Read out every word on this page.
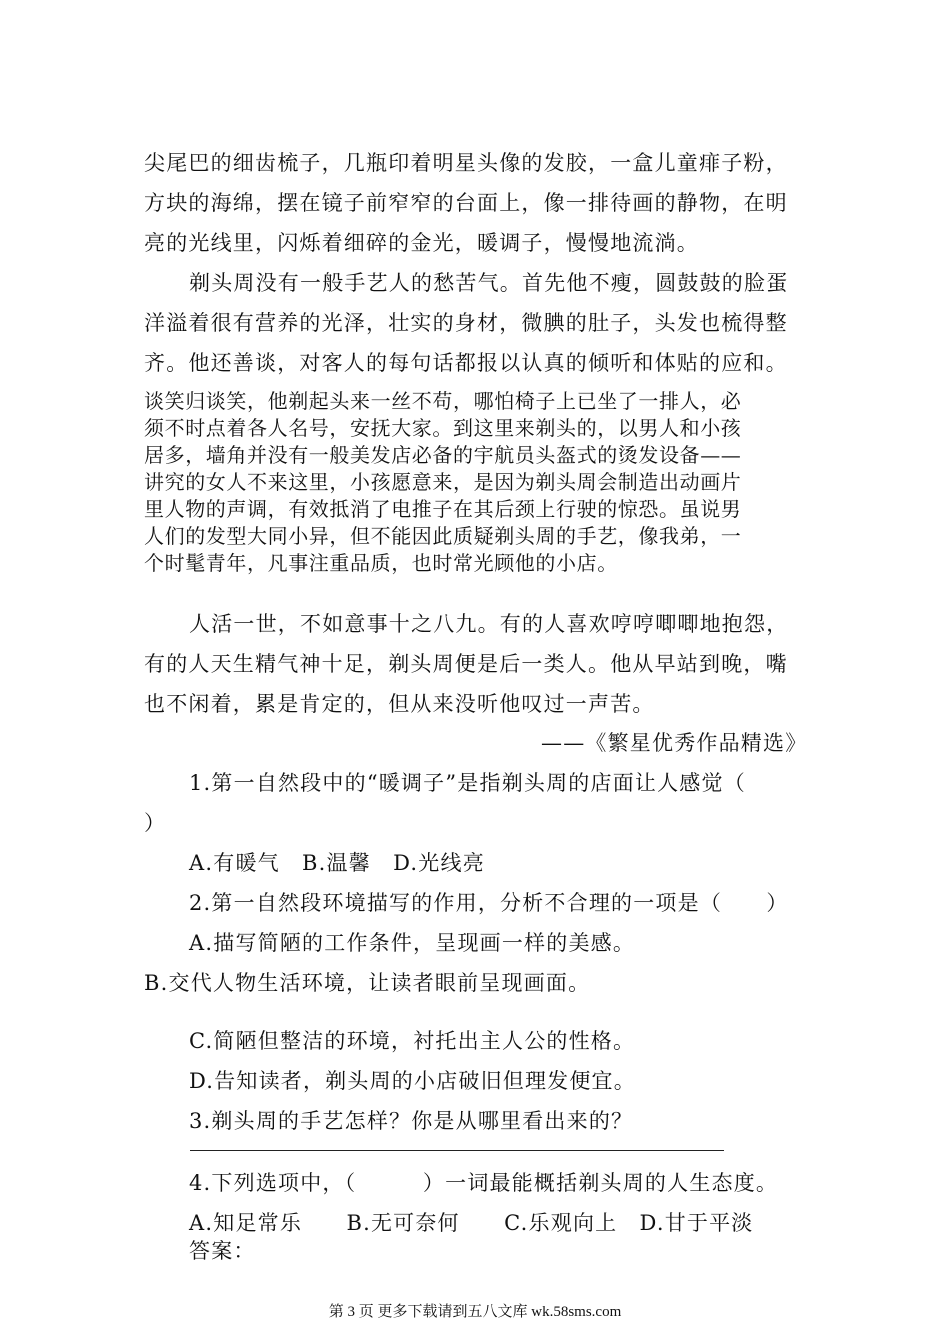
尖尾巴的细齿梳子，几瓶印着明星头像的发胶，一盒儿童痱子粉，
方块的海绵，摆在镜子前窄窄的台面上，像一排待画的静物，在明
亮的光线里，闪烁着细碎的金光，暖调子，慢慢地流淌。
剃头周没有一般手艺人的愁苦气。首先他不瘦，圆鼓鼓的脸蛋
洋溢着很有营养的光泽，壮实的身材，微腆的肚子，头发也梳得整
齐。他还善谈，对客人的每句话都报以认真的倾听和体贴的应和。
谈笑归谈笑，他剃起头来一丝不苟，哪怕椅子上已坐了一排人，必
须不时点着各人名号，安抚大家。到这里来剃头的，以男人和小孩
居多，墙角并没有一般美发店必备的宇航员头盔式的烫发设备——
讲究的女人不来这里，小孩愿意来，是因为剃头周会制造出动画片
里人物的声调，有效抵消了电推子在其后颈上行驶的惊恐。虽说男
人们的发型大同小异，但不能因此质疑剃头周的手艺，像我弟，一
个时髦青年，凡事注重品质，也时常光顾他的小店。
人活一世，不如意事十之八九。有的人喜欢哼哼唧唧地抱怨，
有的人天生精气神十足，剃头周便是后一类人。他从早站到晚，嘴
也不闲着，累是肯定的，但从来没听他叹过一声苦。
——《繁星优秀作品精选》
1.第一自然段中的“暖调子”是指剃头周的店面让人感觉（
）
A.有暖气　B.温馨　D.光线亮
2.第一自然段环境描写的作用，分析不合理的一项是（　　）
A.描写简陋的工作条件，呈现画一样的美感。
B.交代人物生活环境，让读者眼前呈现画面。
C.简陋但整洁的环境，衬托出主人公的性格。
D.告知读者，剃头周的小店破旧但理发便宜。
3.剃头周的手艺怎样？你是从哪里看出来的？
4.下列选项中，（　　　）一词最能概括剃头周的人生态度。
A.知足常乐　　B.无可奈何　　C.乐观向上　D.甘于平淡
答案：
第 3 页 更多下载请到五八文库 wk.58sms.com
